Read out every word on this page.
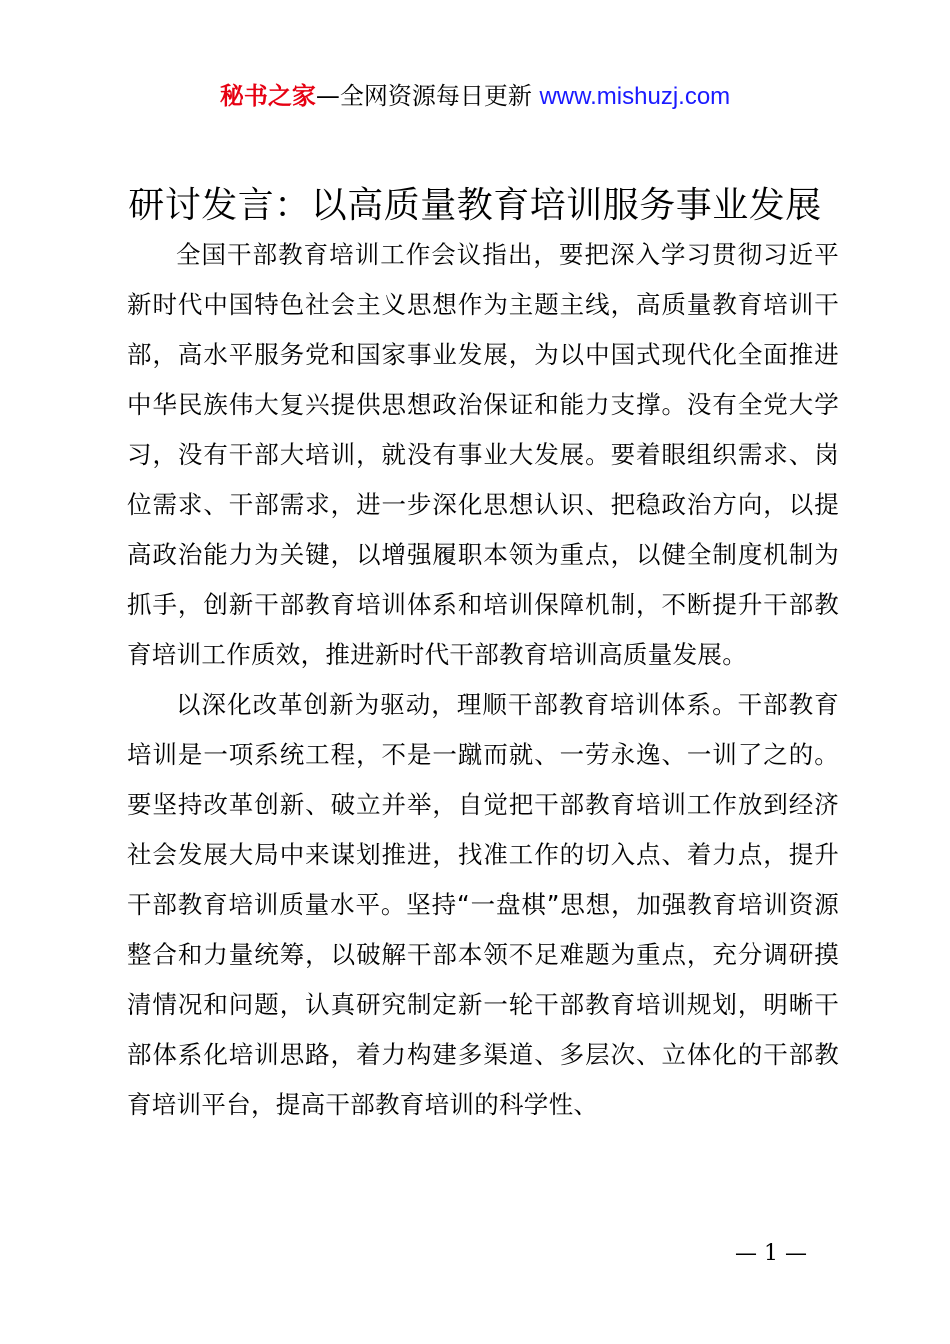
秘书之家—全网资源每日更新 www.mishuzj.com
研讨发言：以高质量教育培训服务事业发展

全国干部教育培训工作会议指出，要把深入学习贯彻习近平新时代中国特色社会主义思想作为主题主线，高质量教育培训干部，高水平服务党和国家事业发展，为以中国式现代化全面推进中华民族伟大复兴提供思想政治保证和能力支撑。没有全党大学习，没有干部大培训，就没有事业大发展。要着眼组织需求、岗位需求、干部需求，进一步深化思想认识、把稳政治方向，以提高政治能力为关键，以增强履职本领为重点，以健全制度机制为抓手，创新干部教育培训体系和培训保障机制，不断提升干部教育培训工作质效，推进新时代干部教育培训高质量发展。

以深化改革创新为驱动，理顺干部教育培训体系。干部教育培训是一项系统工程，不是一蹴而就、一劳永逸、一训了之的。要坚持改革创新、破立并举，自觉把干部教育培训工作放到经济社会发展大局中来谋划推进，找准工作的切入点、着力点，提升干部教育培训质量水平。坚持“一盘棋”思想，加强教育培训资源整合和力量统筹，以破解干部本领不足难题为重点，充分调研摸清情况和问题，认真研究制定新一轮干部教育培训规划，明晰干部体系化培训思路，着力构建多渠道、多层次、立体化的干部教育培训平台，提高干部教育培训的科学性、

— 1 —
